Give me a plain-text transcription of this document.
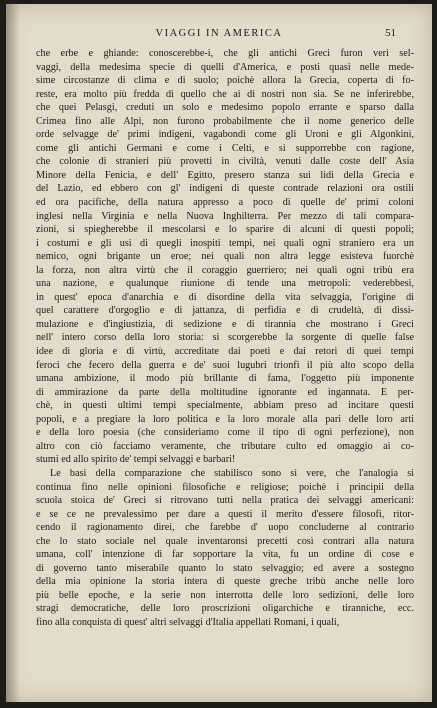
VIAGGI IN AMERICA	51
che erbe e ghiande: conoscerebbe-i, che gli antichi Greci furon veri sel-
vaggi, della medesima specie di quelli d'America, e posti quasi nelle mede-
sime circostanze di clima e di suolo; poichè allora la Grecia, coperta di fo-
reste, era molto più fredda di quello che ai di nostri non sia. Se ne inferirebbe,
che quei Pelasgi, creduti un solo e medesimo popolo errante e sparso dalla
Crimea fino alle Alpi, non furono probabilmente che il nome generico delle
orde selvagge de' primi indigeni, vagabondi come gli Uroni e gli Algonkini,
come gli antichi Germani e come i Celti, e si supporrebbe con ragione,
che colonie di stranieri più provetti in civiltà, venuti dalle coste dell' Asia
Minore della Fenicia, e dell' Egitto, presero stanza sui lidi della Grecia e
del Lazio, ed ebbero con gl' indigeni di queste contrade relazioni ora ostili
ed ora pacifiche, della natura appresso a poco di quelle de' primi coloni
inglesi nella Virginia e nella Nuova Inghilterra. Per mezzo di tali compara-
zioni, si spiegherebbe il mescolarsi e lo sparire di alcuni di questi popoli;
i costumi e gli usi di quegli inospiti tempi, nei quali ogni straniero era un
nemico, ogni brigante un eroe; nei quali non altra legge esisteva fuorchè
la forza, non altra virtù che il coraggio guerriero; nei quali ogni tribù era
una nazione, e qualunque riunione di tende una metropoli: vederebbesi,
in quest' epoca d'anarchia e di disordine della vita selvaggia, l'origine di
quel carattere d'orgoglio e di jattanza, di perfidia e di crudeltà, di dissi-
mulazione e d'ingiustizia, di sedizione e di tirannia che mostrano i Greci
nell' intero corso della loro storia: si scorgerebbe la sorgente di quelle false
idee di gloria e di virtù, accreditate dai poeti e dai retori di quei tempi
feroci che fecero della guerra e de' suoi lugubri trionfi il più alto scopo della
umana ambizione, il modo più brillante di fama, l'oggetto più imponente
di ammirazione da parte della moltitudine ignorante ed ingannata. E per-
chè, in questi ultimi tempi specialmente, abbiam preso ad incitare questi
popoli, e a pregiare la loro politica e la loro morale alla pari delle loro arti
e della loro poesia (che consideriamo come il tipo di ogni perfezione), non
altro con ciò facciamo veramente, che tributare culto ed omaggio ai co-
stumi ed allo spirito de' tempi selvaggi e barbari!
Le basi della comparazione che stabilisco sono sì vere, che l'analogia si
continua fino nelle opinioni filosofiche e religiose; poichè i principii della
scuola stoica de' Greci si ritrovano tutti nella pratica dei selvaggi americani:
e se ce ne prevalessimo per dare a questi il merito d'essere filosofi, ritor-
cendo il ragionamento direi, che farebbe d' uopo concluderne al contrario
che lo stato sociale nel quale inventaronsi precetti così contrari alla natura
umana, coll' intenzione di far sopportare la vita, fu un ordine di cose e
di governo tanto miserabile quanto lo stato selvaggio; ed avere a sostegno
della mia opinione la storia intera di queste greche tribù anche nelle loro
più belle epoche, e la serie non interrotta delle loro sedizioni, delle loro
stragi democratiche, delle loro proscrizioni oligarchiche e tiranniche, ecc.
fino alla conquista di quest' altri selvaggi d'Italia appellati Romani, i quali,
